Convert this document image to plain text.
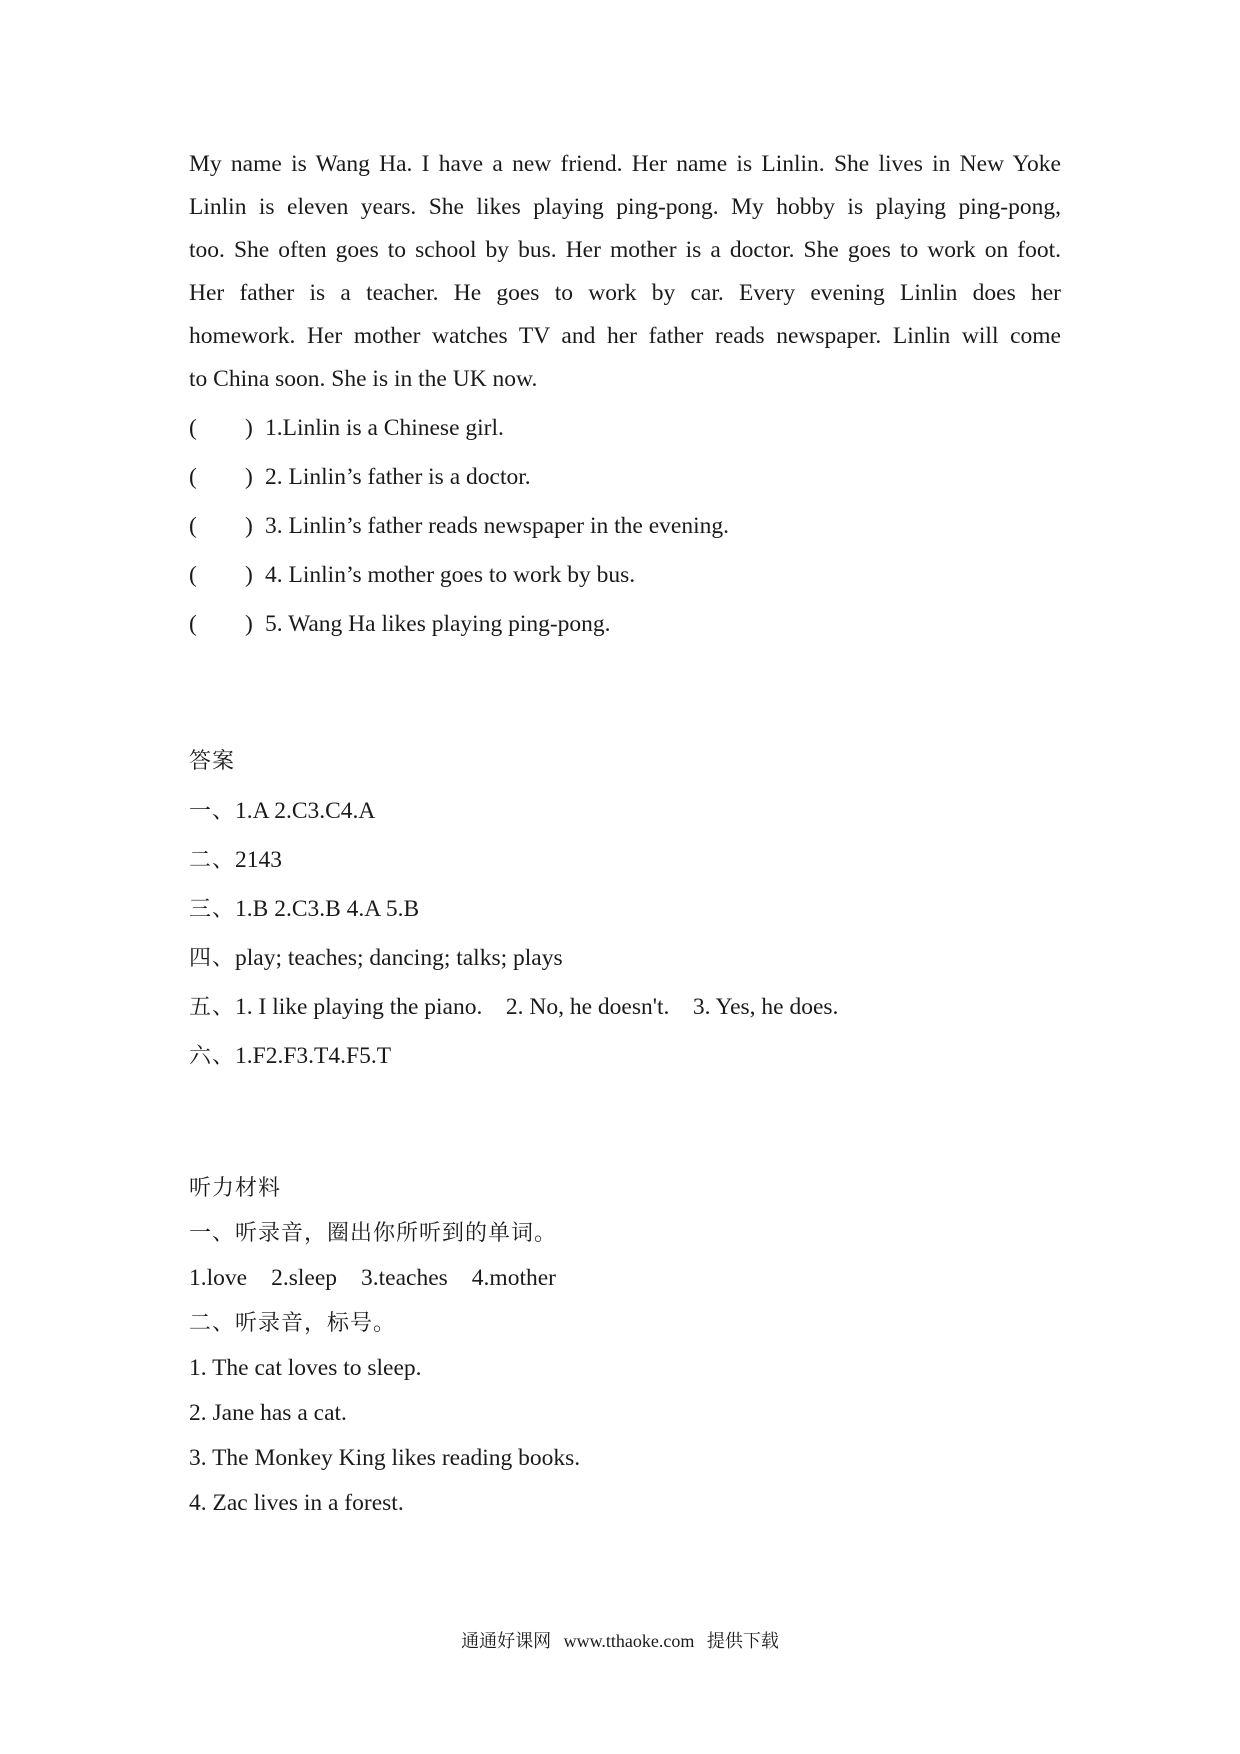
My name is Wang Ha. I have a new friend. Her name is Linlin. She lives in New Yoke
Linlin is eleven years. She likes playing ping-pong. My hobby is playing ping-pong,
too. She often goes to school by bus. Her mother is a doctor. She goes to work on foot.
Her father is a teacher. He goes to work by car. Every evening Linlin does her
homework. Her mother watches TV and her father reads newspaper. Linlin will come
to China soon. She is in the UK now.
( ) 1.Linlin is a Chinese girl.
( ) 2. Linlin’s father is a doctor.
( ) 3. Linlin’s father reads newspaper in the evening.
( ) 4. Linlin’s mother goes to work by bus.
( ) 5. Wang Ha likes playing ping-pong.
答案
一、1.A 2.C3.C4.A
二、2143
三、1.B 2.C3.B 4.A 5.B
四、play; teaches; dancing; talks; plays
五、1. I like playing the piano.    2. No, he doesn't.    3. Yes, he does.
六、1.F2.F3.T4.F5.T
听力材料
一、听录音，圈出你所听到的单词。
1.love 2.sleep 3.teaches 4.mother
二、听录音，标号。
1. The cat loves to sleep.
2. Jane has a cat.
3. The Monkey King likes reading books.
4. Zac lives in a forest.
通通好课网 www.tthaoke.com 提供下载
